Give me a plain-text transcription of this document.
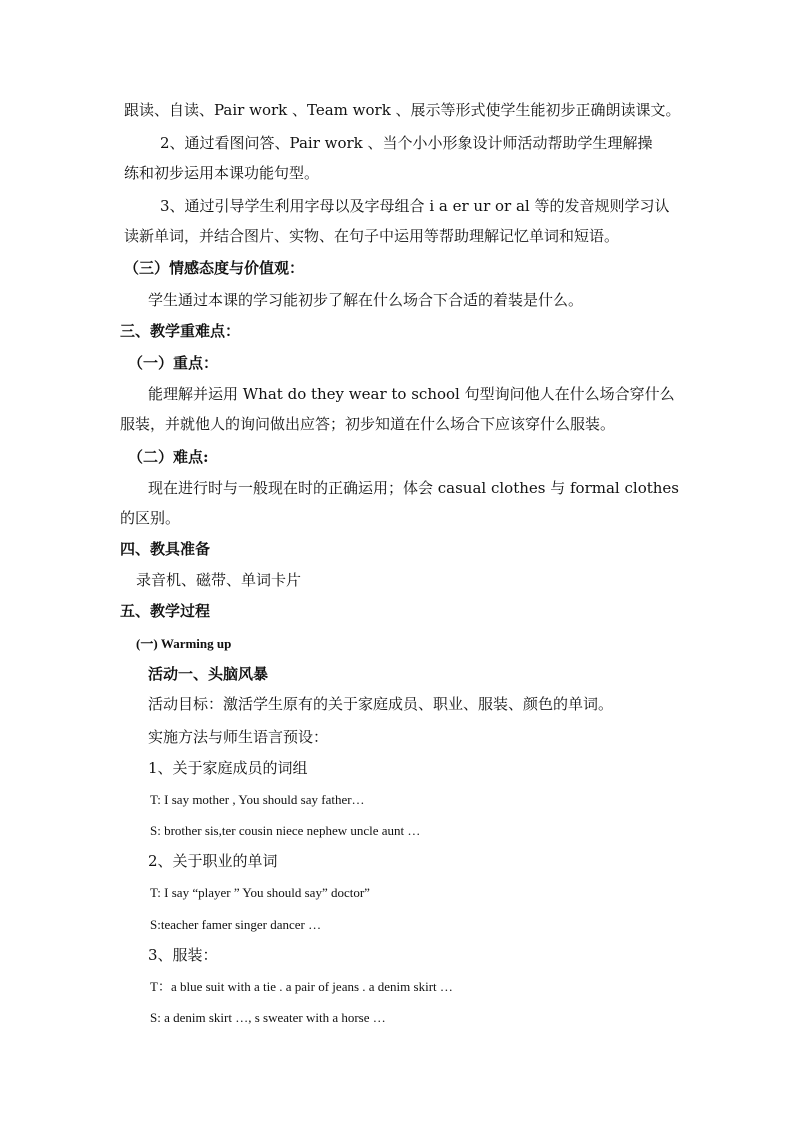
跟读、自读、Pair work 、Team work 、展示等形式使学生能初步正确朗读课文。
2、通过看图问答、Pair work 、当个小小形象设计师活动帮助学生理解操
练和初步运用本课功能句型。
3、通过引导学生利用字母以及字母组合 i a er ur or al 等的发音规则学习认
读新单词，并结合图片、实物、在句子中运用等帮助理解记忆单词和短语。
（三）情感态度与价值观：
学生通过本课的学习能初步了解在什么场合下合适的着装是什么。
三、教学重难点：
（一）重点：
能理解并运用 What do they wear to school 句型询问他人在什么场合穿什么
服装，并就他人的询问做出应答；初步知道在什么场合下应该穿什么服装。
（二）难点:
现在进行时与一般现在时的正确运用；体会 casual clothes 与 formal clothes
的区别。
四、教具准备
录音机、磁带、单词卡片
五、教学过程
(一) Warming up
活动一、头脑风暴
活动目标：激活学生原有的关于家庭成员、职业、服装、颜色的单词。
实施方法与师生语言预设：
1、关于家庭成员的词组
T: I say mother , You should say father…
S: brother sis,ter cousin niece nephew uncle aunt …
2、关于职业的单词
T: I say “player ” You should say” doctor”
S:teacher famer singer dancer …
3、服装：
T：a blue suit with a tie . a pair of jeans . a denim skirt …
S: a denim skirt …, s sweater with a horse …
